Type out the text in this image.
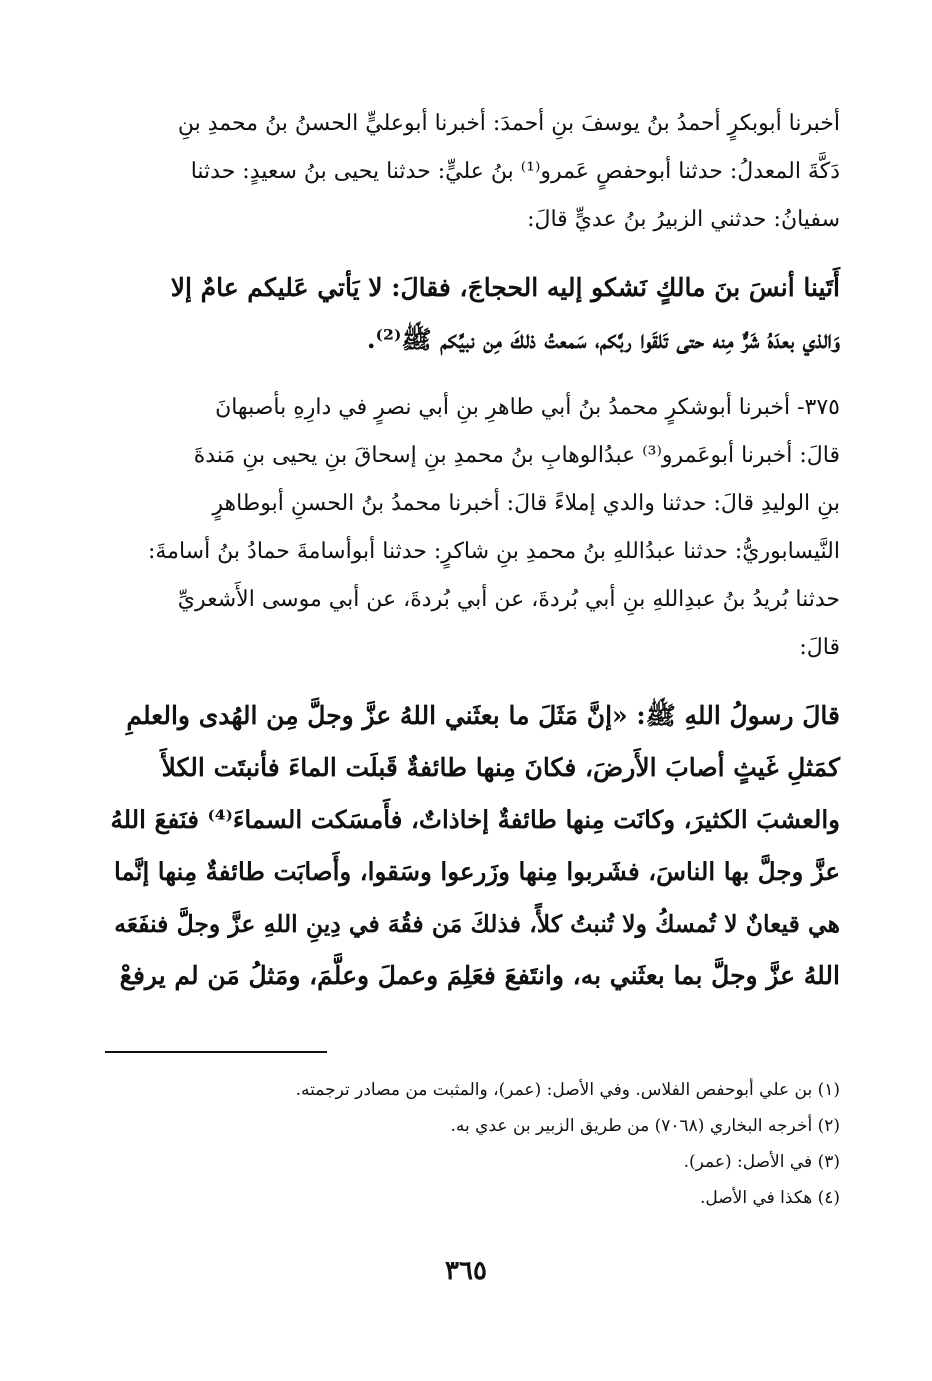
أخبرنا أبوبكرٍ أحمدُ بنُ يوسفَ بنِ أحمدَ: أخبرنا أبوعليٍّ الحسنُ بنُ محمدِ بنِ
دَكَّةَ المعدلُ: حدثنا أبوحفصٍ عَمرو⁽¹⁾ بنُ عليٍّ: حدثنا يحيى بنُ سعيدٍ: حدثنا
سفيانُ: حدثني الزبيرُ بنُ عديٍّ قالَ:

أَتَينا أنسَ بنَ مالكٍ نَشكو إليه الحجاجَ، فقالَ: لا يَأتي عَليكم عامٌ إلا
وَالذي بعدَهُ شَرٌّ مِنه حتى تَلقَوا ربَّكم، سَمعتُ ذلكَ مِن نبيِّكم ﷺ⁽²⁾.

٣٧٥- أخبرنا أبوشكرٍ محمدُ بنُ أبي طاهرِ بنِ أبي نصرٍ في دارِهِ بأصبهانَ
قالَ: أخبرنا أبوعَمرو⁽³⁾ عبدُالوهابِ بنُ محمدِ بنِ إسحاقَ بنِ يحيى بنِ مَندةَ
بنِ الوليدِ قالَ: حدثنا والدي إملاءً قالَ: أخبرنا محمدُ بنُ الحسنِ أبوطاهرٍ
النَّيسابوريُّ: حدثنا عبدُاللهِ بنُ محمدِ بنِ شاكرٍ: حدثنا أبوأسامةَ حمادُ بنُ أسامةَ:
حدثنا بُريدُ بنُ عبدِاللهِ بنِ أبي بُردةَ، عن أبي بُردةَ، عن أبي موسى الأَشعريِّ
قالَ:

قالَ رسولُ اللهِ ﷺ: «إنَّ مَثَلَ ما بعثَني اللهُ عزَّ وجلَّ مِن الهُدى والعلمِ
كمَثلِ غَيثٍ أصابَ الأَرضَ، فكانَ مِنها طائفةٌ قَبلَت الماءَ فأنبتَت الكلأَ
والعشبَ الكثيرَ، وكانَت مِنها طائفةٌ إخاذاتٌ، فأَمسَكت السماءَ⁽⁴⁾ فنَفعَ اللهُ
عزَّ وجلَّ بها الناسَ، فشَربوا مِنها وزَرعوا وسَقوا، وأَصابَت طائفةٌ مِنها إنَّما
هي قيعانٌ لا تُمسكُ ولا تُنبتُ كلأً، فذلكَ مَن فقُهَ في دِينِ اللهِ عزَّ وجلَّ فنفَعَه
اللهُ عزَّ وجلَّ بما بعثَني به، وانتَفعَ فعَلِمَ وعملَ وعلَّمَ، ومَثلُ مَن لم يرفعْ

(١) بن علي أبوحفص الفلاس. وفي الأصل: (عمر)، والمثبت من مصادر ترجمته.
(٢) أخرجه البخاري (٧٠٦٨) من طريق الزبير بن عدي به.
(٣) في الأصل: (عمر).
(٤) هكذا في الأصل.
٣٦٥
